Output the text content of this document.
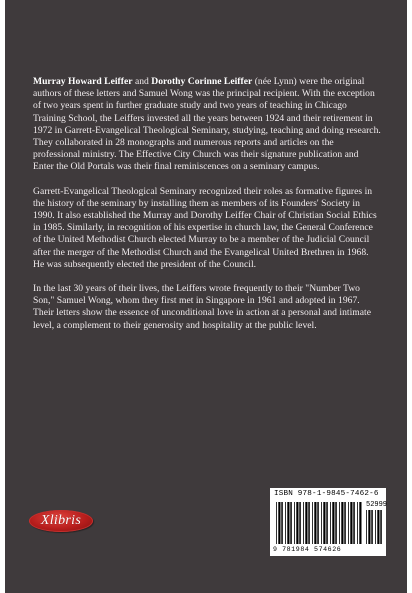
Murray Howard Leiffer and Dorothy Corinne Leiffer (née Lynn) were the original authors of these letters and Samuel Wong was the principal recipient. With the exception of two years spent in further graduate study and two years of teaching in Chicago Training School, the Leiffers invested all the years between 1924 and their retirement in 1972 in Garrett-Evangelical Theological Seminary, studying, teaching and doing research. They collaborated in 28 monographs and numerous reports and articles on the professional ministry. The Effective City Church was their signature publication and Enter the Old Portals was their final reminiscences on a seminary campus.

Garrett-Evangelical Theological Seminary recognized their roles as formative figures in the history of the seminary by installing them as members of its Founders' Society in 1990. It also established the Murray and Dorothy Leiffer Chair of Christian Social Ethics in 1985. Similarly, in recognition of his expertise in church law, the General Conference of the United Methodist Church elected Murray to be a member of the Judicial Council after the merger of the Methodist Church and the Evangelical United Brethren in 1968. He was subsequently elected the president of the Council.

In the last 30 years of their lives, the Leiffers wrote frequently to their "Number Two Son," Samuel Wong, whom they first met in Singapore in 1961 and adopted in 1967. Their letters show the essence of unconditional love in action at a personal and intimate level, a complement to their generosity and hospitality at the public level.

Xlibris
ISBN 978-1-9845-7462-6
52999
9 781984 574626
